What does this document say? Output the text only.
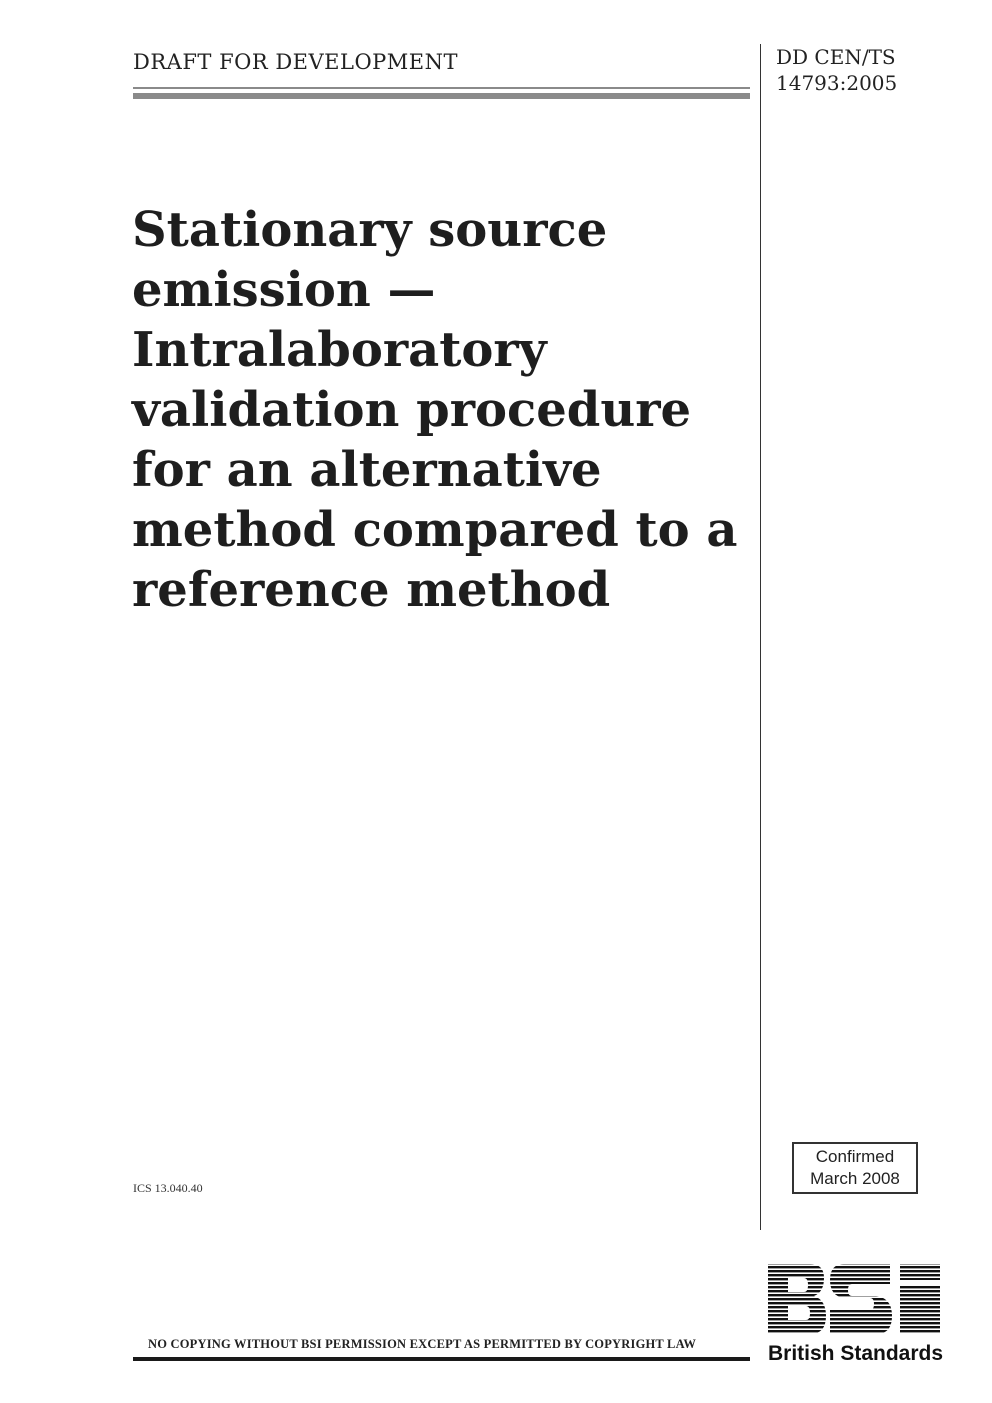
DRAFT FOR DEVELOPMENT	DD CEN/TS
14793:2005
Stationary source
emission —
Intralaboratory
validation procedure
for an alternative
method compared to a
reference method
ICS 13.040.40
Confirmed
March 2008
NO COPYING WITHOUT BSI PERMISSION EXCEPT AS PERMITTED BY COPYRIGHT LAW	British Standards
